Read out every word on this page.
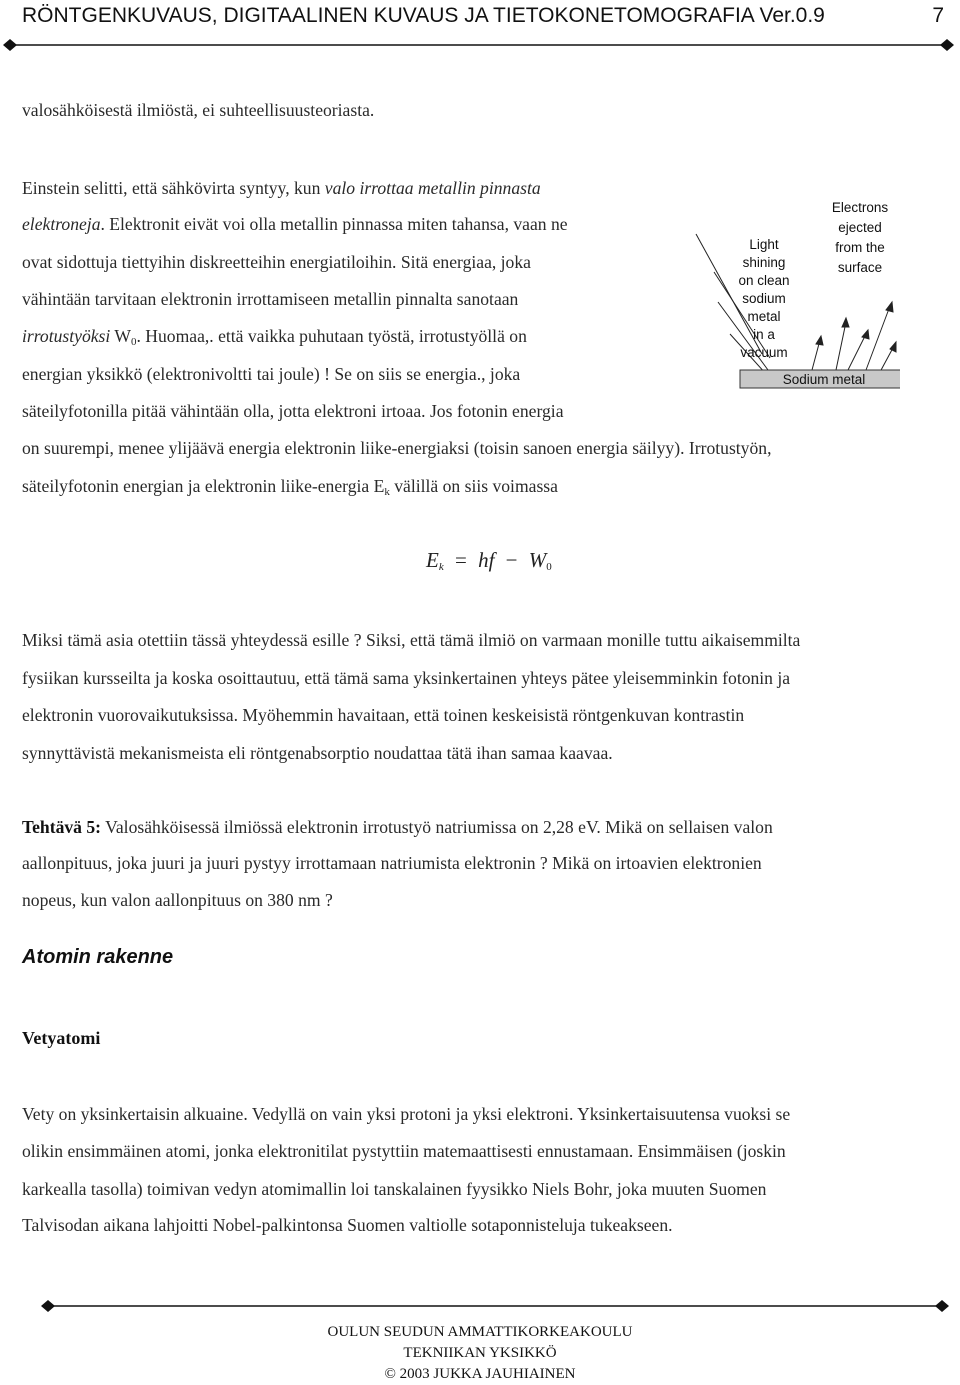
RÖNTGENKUVAUS, DIGITAALINEN KUVAUS JA TIETOKONETOMOGRAFIA Ver.0.9	7
valosähköisestä ilmiöstä, ei suhteellisuusteoriasta.
Einstein selitti, että sähkövirta syntyy, kun valo irrottaa metallin pinnasta
elektroneja. Elektronit eivät voi olla metallin pinnassa miten tahansa, vaan ne
ovat sidottuja tiettyihin diskreetteihin energiatiloihin. Sitä energiaa, joka
vähintään tarvitaan elektronin irrottamiseen metallin pinnalta sanotaan
irrotustyöksi $W_0$. Huomaa,. että vaikka puhutaan työstä, irrotustyöllä on
energian yksikkö (elektronivoltti tai joule) ! Se on siis se energia., joka
säteilyfotonilla pitää vähintään olla, jotta elektroni irtoaa. Jos fotonin energia
on suurempi, menee ylijäävä energia elektronin liike-energiaksi (toisin sanoen energia säilyy). Irrotustyön,
säteilyfotonin energian ja elektronin liike-energia $E_k$ välillä on siis voimassa
Sodium metal
Electrons
ejected
from the
surface
Light
shining
on clean
sodium
metal
in a
vacuum
$E_k$ = hf − $W_0$
Miksi tämä asia otettiin tässä yhteydessä esille ? Siksi, että tämä ilmiö on varmaan monille tuttu aikaisemmilta
fysiikan kursseilta ja koska osoittautuu, että tämä sama yksinkertainen yhteys pätee yleisemminkin fotonin ja
elektronin vuorovaikutuksissa. Myöhemmin havaitaan, että toinen keskeisistä röntgenkuvan kontrastin
synnyttävistä mekanismeista eli röntgenabsorptio noudattaa tätä ihan samaa kaavaa.
Tehtävä 5: Valosähköisessä ilmiössä elektronin irrotustyö natriumissa on 2,28 eV. Mikä on sellaisen valon
aallonpituus, joka juuri ja juuri pystyy irrottamaan natriumista elektronin ? Mikä on irtoavien elektronien
nopeus, kun valon aallonpituus on 380 nm ?
Atomin rakenne
Vetyatomi
Vety on yksinkertaisin alkuaine. Vedyllä on vain yksi protoni ja yksi elektroni. Yksinkertaisuutensa vuoksi se
olikin ensimmäinen atomi, jonka elektronitilat pystyttiin matemaattisesti ennustamaan. Ensimmäisen (joskin
karkealla tasolla) toimivan vedyn atomimallin loi tanskalainen fyysikko Niels Bohr, joka muuten Suomen
Talvisodan aikana lahjoitti Nobel-palkintonsa Suomen valtiolle sotaponnisteluja tukeakseen.
OULUN SEUDUN AMMATTIKORKEAKOULU
TEKNIIKAN YKSIKKÖ
© 2003 JUKKA JAUHIAINEN
